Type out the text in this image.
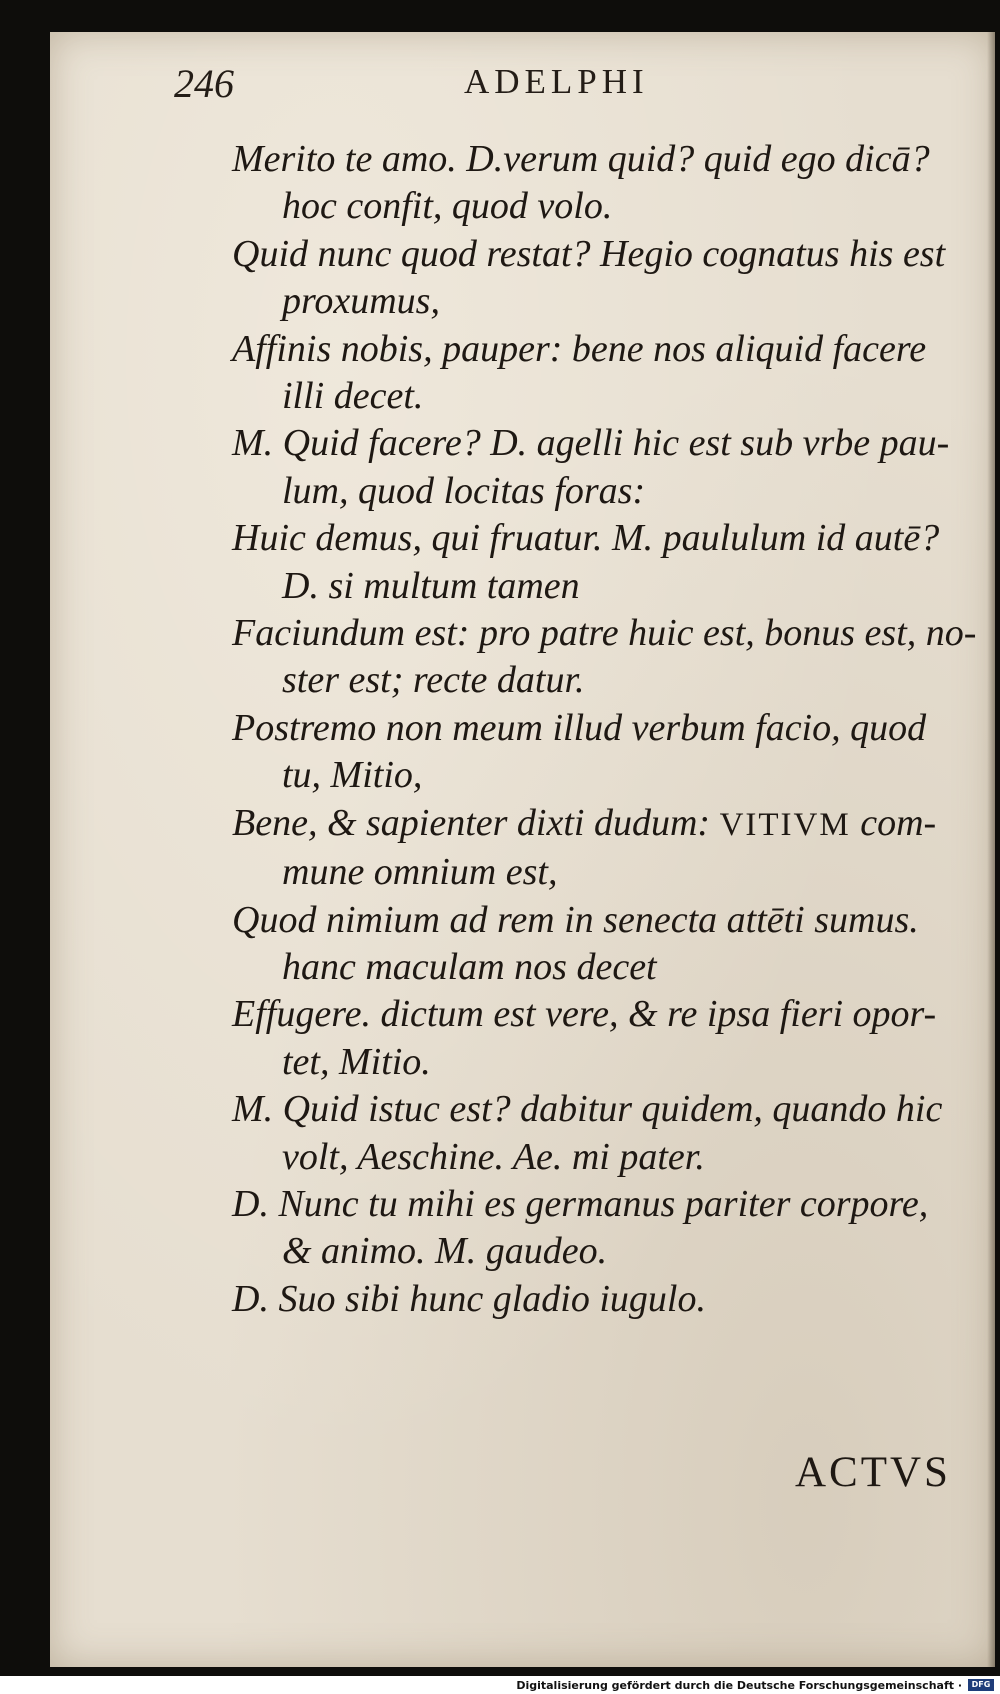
246	ADELPHI
Merito te amo. D.verum quid? quid ego dicā?
hoc confit, quod volo.
Quid nunc quod restat? Hegio cognatus his est
proxumus,
Affinis nobis, pauper: bene nos aliquid facere
illi decet.
M. Quid facere? D. agelli hic est sub vrbe pau-
lum, quod locitas foras:
Huic demus, qui fruatur. M. paululum id autē?
D. si multum tamen
Faciundum est: pro patre huic est, bonus est, no-
ster est; recte datur.
Postremo non meum illud verbum facio, quod
tu, Mitio,
Bene, & sapienter dixti dudum: VITIVM com-
mune omnium est,
Quod nimium ad rem in senecta attēti sumus.
hanc maculam nos decet
Effugere. dictum est vere, & re ipsa fieri opor-
tet, Mitio.
M. Quid istuc est? dabitur quidem, quando hic
volt, Aeschine. Ae. mi pater.
D. Nunc tu mihi es germanus pariter corpore,
& animo. M. gaudeo.
D. Suo sibi hunc gladio iugulo.
ACTVS
Digitalisierung gefördert durch die Deutsche Forschungsgemeinschaft ·	DFG
